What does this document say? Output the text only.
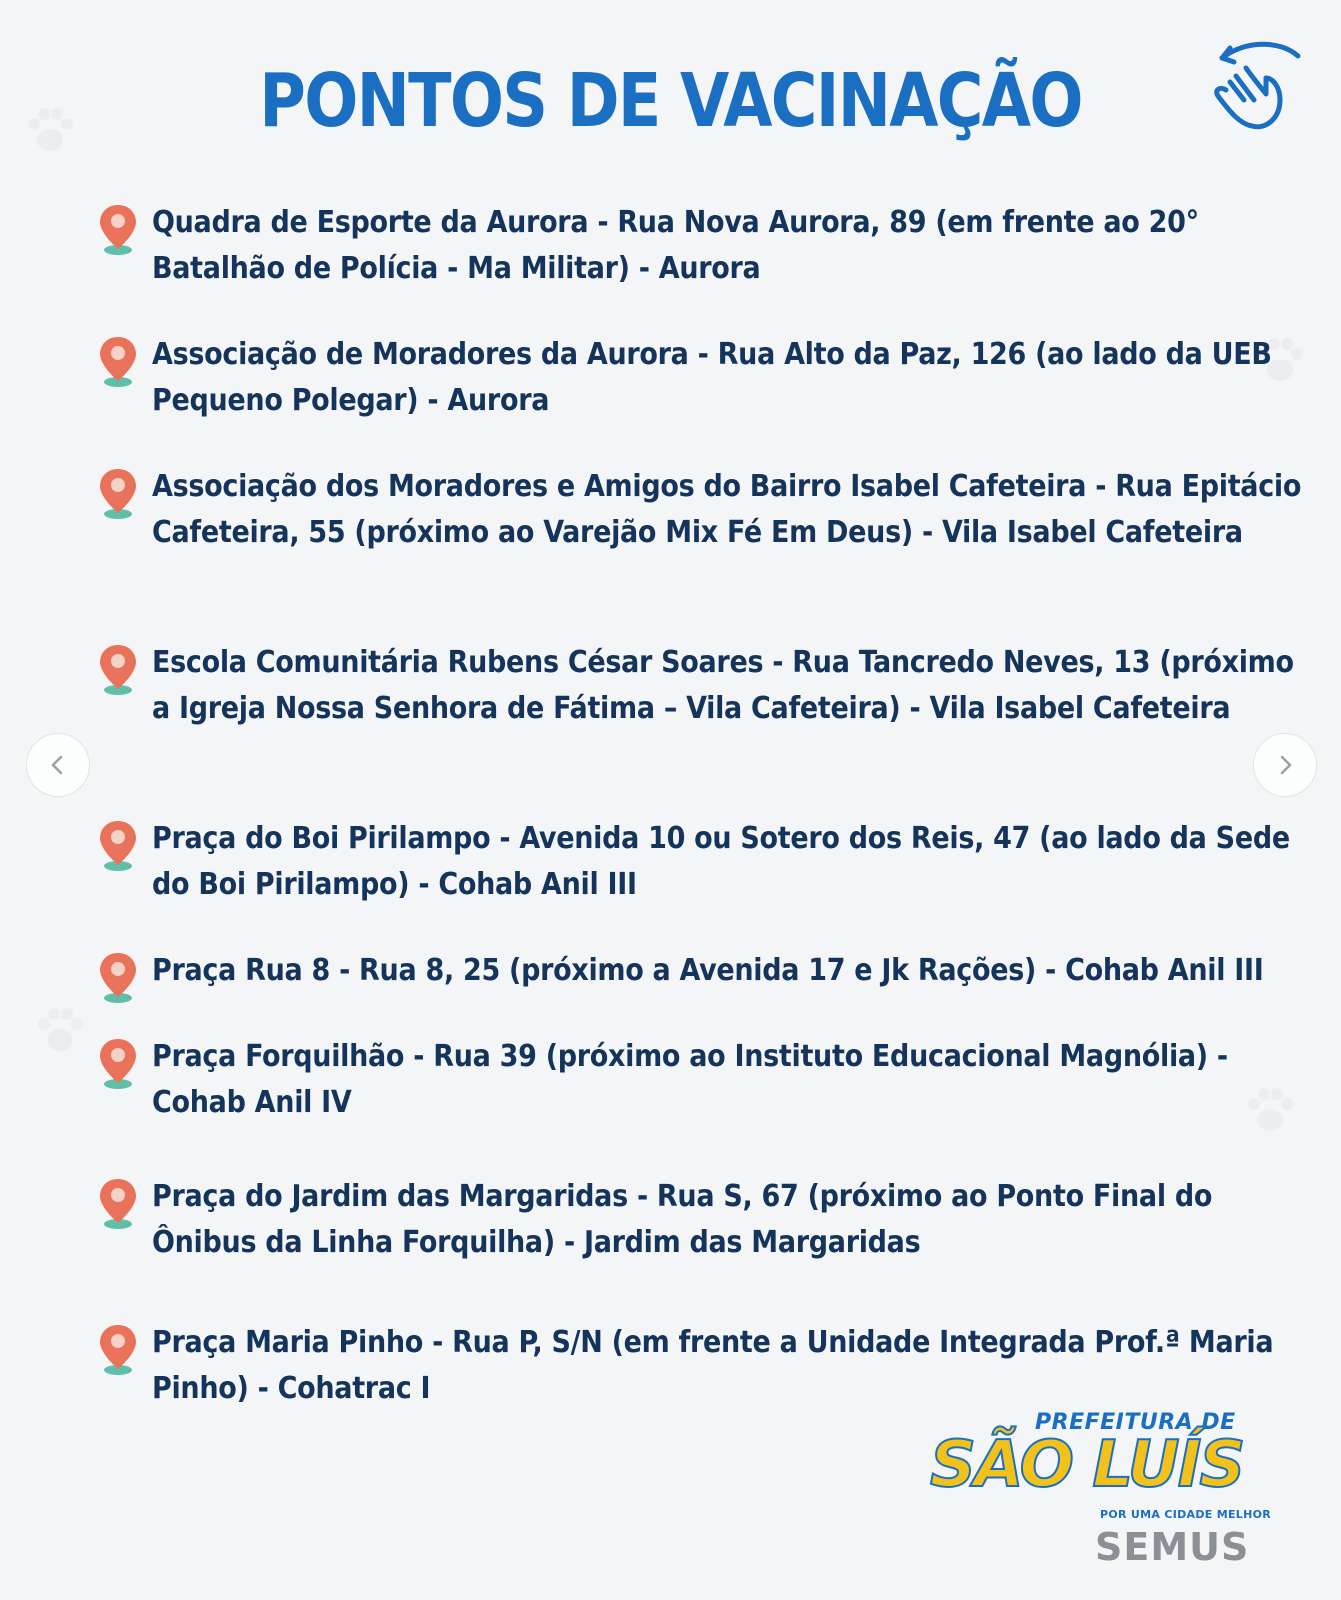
PONTOS DE VACINAÇÃO
Quadra de Esporte da Aurora - Rua Nova Aurora, 89 (em frente ao 20° Batalhão de Polícia - Ma Militar) - Aurora
Associação de Moradores da Aurora - Rua Alto da Paz, 126 (ao lado da UEB Pequeno Polegar) - Aurora
Associação dos Moradores e Amigos do Bairro Isabel Cafeteira - Rua Epitácio Cafeteira, 55 (próximo ao Varejão Mix Fé Em Deus) - Vila Isabel Cafeteira
Escola Comunitária Rubens César Soares - Rua Tancredo Neves, 13 (próximo a Igreja Nossa Senhora de Fátima – Vila Cafeteira) - Vila Isabel Cafeteira
Praça do Boi Pirilampo - Avenida 10 ou Sotero dos Reis, 47 (ao lado da Sede do Boi Pirilampo) - Cohab Anil III
Praça Rua 8 - Rua 8, 25 (próximo a Avenida 17 e Jk Rações) - Cohab Anil III
Praça Forquilhão - Rua 39 (próximo ao Instituto Educacional Magnólia) - Cohab Anil IV
Praça do Jardim das Margaridas - Rua S, 67 (próximo ao Ponto Final do Ônibus da Linha Forquilha) - Jardim das Margaridas
Praça Maria Pinho - Rua P, S/N (em frente a Unidade Integrada Prof.ª Maria Pinho) - Cohatrac I
PREFEITURA DE
SÃO LUÍS
POR UMA CIDADE MELHOR
SEMUS
